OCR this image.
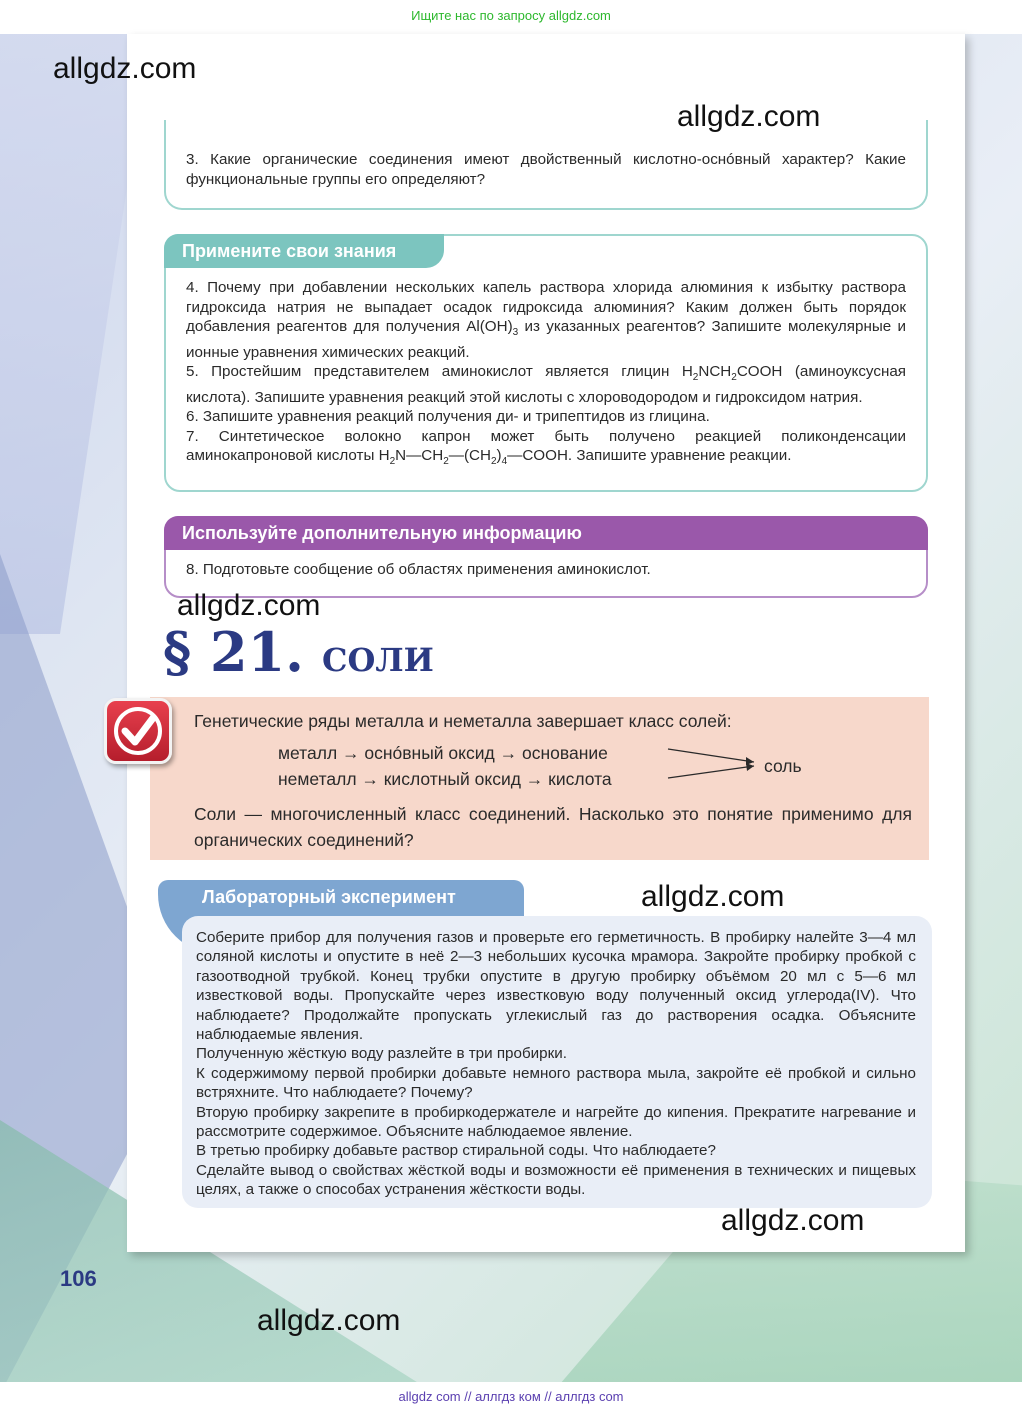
Ищите нас по запросу allgdz.com
3. Какие органические соединения имеют двойственный кислотно-оснóвный характер? Какие функциональные группы его определяют?

4. Почему при добавлении нескольких капель раствора хлорида алюминия к избытку раствора гидроксида натрия не выпадает осадок гидроксида алюминия? Каким должен быть порядок добавления реагентов для получения $Al(OH)_3$ из указанных реагентов? Запишите молекулярные и ионные уравнения химических реакций.

5. Простейшим представителем аминокислот является глицин $H_2NCH_2COOH$ (аминоуксусная кислота). Запишите уравнения реакций этой кислоты с хлороводородом и гидроксидом натрия.

6. Запишите уравнения реакций получения ди- и трипептидов из глицина.

7. Синтетическое волокно капрон может быть получено реакцией поликонденсации аминокапроновой кислоты $H_2N—CH_2—(CH_2)_4—COOH$. Запишите уравнение реакции.

Примените свои знания
8. Подготовьте сообщение об областях применения аминокислот.
Используйте дополнительную информацию
§ 21. соли
Генетические ряды металла и неметалла завершает класс солей:
металл → оснóвный оксид → основание
неметалл → кислотный оксид → кислота
соль
Соли — многочисленный класс соединений. Насколько это понятие применимо для органических соединений?
Лабораторный эксперимент

Соберите прибор для получения газов и проверьте его герметичность. В пробирку налейте 3—4 мл соляной кислоты и опустите в неё 2—3 небольших кусочка мрамора. Закройте пробирку пробкой с газоотводной трубкой. Конец трубки опустите в другую пробирку объёмом 20 мл с 5—6 мл известковой воды. Пропускайте через известковую воду полученный оксид углерода(IV). Что наблюдаете? Продолжайте пропускать углекислый газ до растворения осадка. Объясните наблюдаемые явления.

Полученную жёсткую воду разлейте в три пробирки.

К содержимому первой пробирки добавьте немного раствора мыла, закройте её пробкой и сильно встряхните. Что наблюдаете? Почему?

Вторую пробирку закрепите в пробиркодержателе и нагрейте до кипения. Прекратите нагревание и рассмотрите содержимое. Объясните наблюдаемое явление.

В третью пробирку добавьте раствор стиральной соды. Что наблюдаете?

Сделайте вывод о свойствах жёсткой воды и возможности её применения в технических и пищевых целях, а также о способах устранения жёсткости воды.

106
allgdz.com
allgdz.com
allgdz.com
allgdz.com
allgdz.com
allgdz.com
allgdz com // аллгдз ком // аллгдз com
